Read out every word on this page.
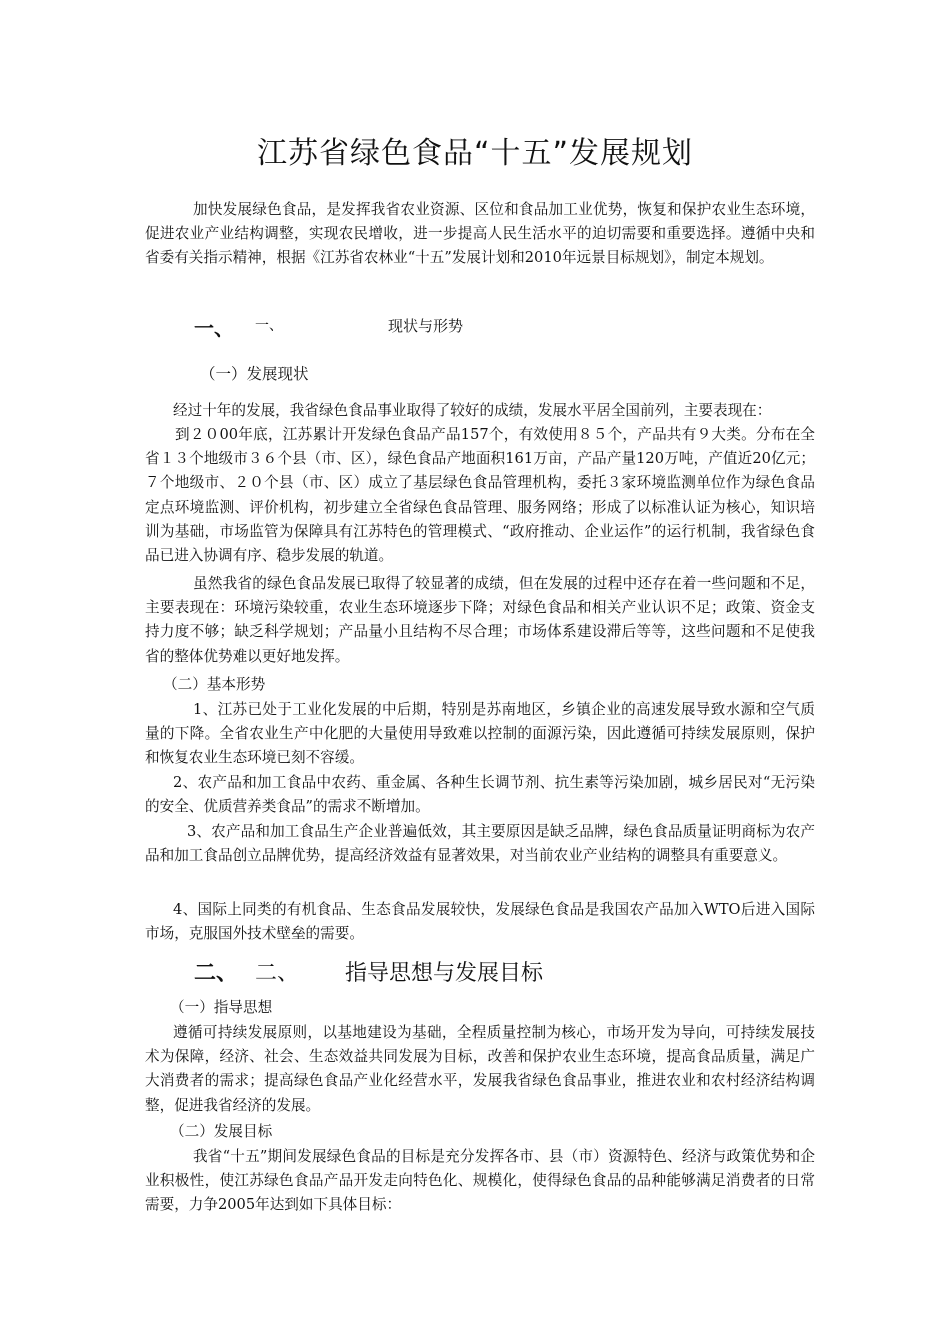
江苏省绿色食品“十五”发展规划

加快发展绿色食品，是发挥我省农业资源、区位和食品加工业优势，恢复和保护农业生态环境，促进农业产业结构调整，实现农民增收，进一步提高人民生活水平的迫切需要和重要选择。遵循中央和省委有关指示精神，根据《江苏省农林业“十五”发展计划和2010年远景目标规划》，制定本规划。

一、 一、	现状与形势

（一）发展现状

经过十年的发展，我省绿色食品事业取得了较好的成绩，发展水平居全国前列，主要表现在：

到２０00年底，江苏累计开发绿色食品产品157个，有效使用８５个，产品共有９大类。分布在全省１３个地级市３６个县（市、区），绿色食品产地面积161万亩，产品产量120万吨，产值近20亿元；７个地级市、２０个县（市、区）成立了基层绿色食品管理机构，委托３家环境监测单位作为绿色食品定点环境监测、评价机构，初步建立全省绿色食品管理、服务网络；形成了以标准认证为核心，知识培训为基础，市场监管为保障具有江苏特色的管理模式、“政府推动、企业运作”的运行机制，我省绿色食品已进入协调有序、稳步发展的轨道。

虽然我省的绿色食品发展已取得了较显著的成绩，但在发展的过程中还存在着一些问题和不足，主要表现在：环境污染较重，农业生态环境逐步下降；对绿色食品和相关产业认识不足；政策、资金支持力度不够；缺乏科学规划；产品量小且结构不尽合理；市场体系建设滞后等等，这些问题和不足使我省的整体优势难以更好地发挥。

（二）基本形势

1、江苏已处于工业化发展的中后期，特别是苏南地区，乡镇企业的高速发展导致水源和空气质量的下降。全省农业生产中化肥的大量使用导致难以控制的面源污染，因此遵循可持续发展原则，保护和恢复农业生态环境已刻不容缓。

2、农产品和加工食品中农药、重金属、各种生长调节剂、抗生素等污染加剧，城乡居民对“无污染的安全、优质营养类食品”的需求不断增加。

3、农产品和加工食品生产企业普遍低效，其主要原因是缺乏品牌，绿色食品质量证明商标为农产品和加工食品创立品牌优势，提高经济效益有显著效果，对当前农业产业结构的调整具有重要意义。

4、国际上同类的有机食品、生态食品发展较快，发展绿色食品是我国农产品加入WTO后进入国际市场，克服国外技术壁垒的需要。

二、 二、 指导思想与发展目标

（一）指导思想

遵循可持续发展原则，以基地建设为基础，全程质量控制为核心，市场开发为导向，可持续发展技术为保障，经济、社会、生态效益共同发展为目标，改善和保护农业生态环境，提高食品质量，满足广大消费者的需求；提高绿色食品产业化经营水平，发展我省绿色食品事业，推进农业和农村经济结构调整，促进我省经济的发展。

（二）发展目标

我省“十五”期间发展绿色食品的目标是充分发挥各市、县（市）资源特色、经济与政策优势和企业积极性，使江苏绿色食品产品开发走向特色化、规模化，使得绿色食品的品种能够满足消费者的日常需要，力争2005年达到如下具体目标：
